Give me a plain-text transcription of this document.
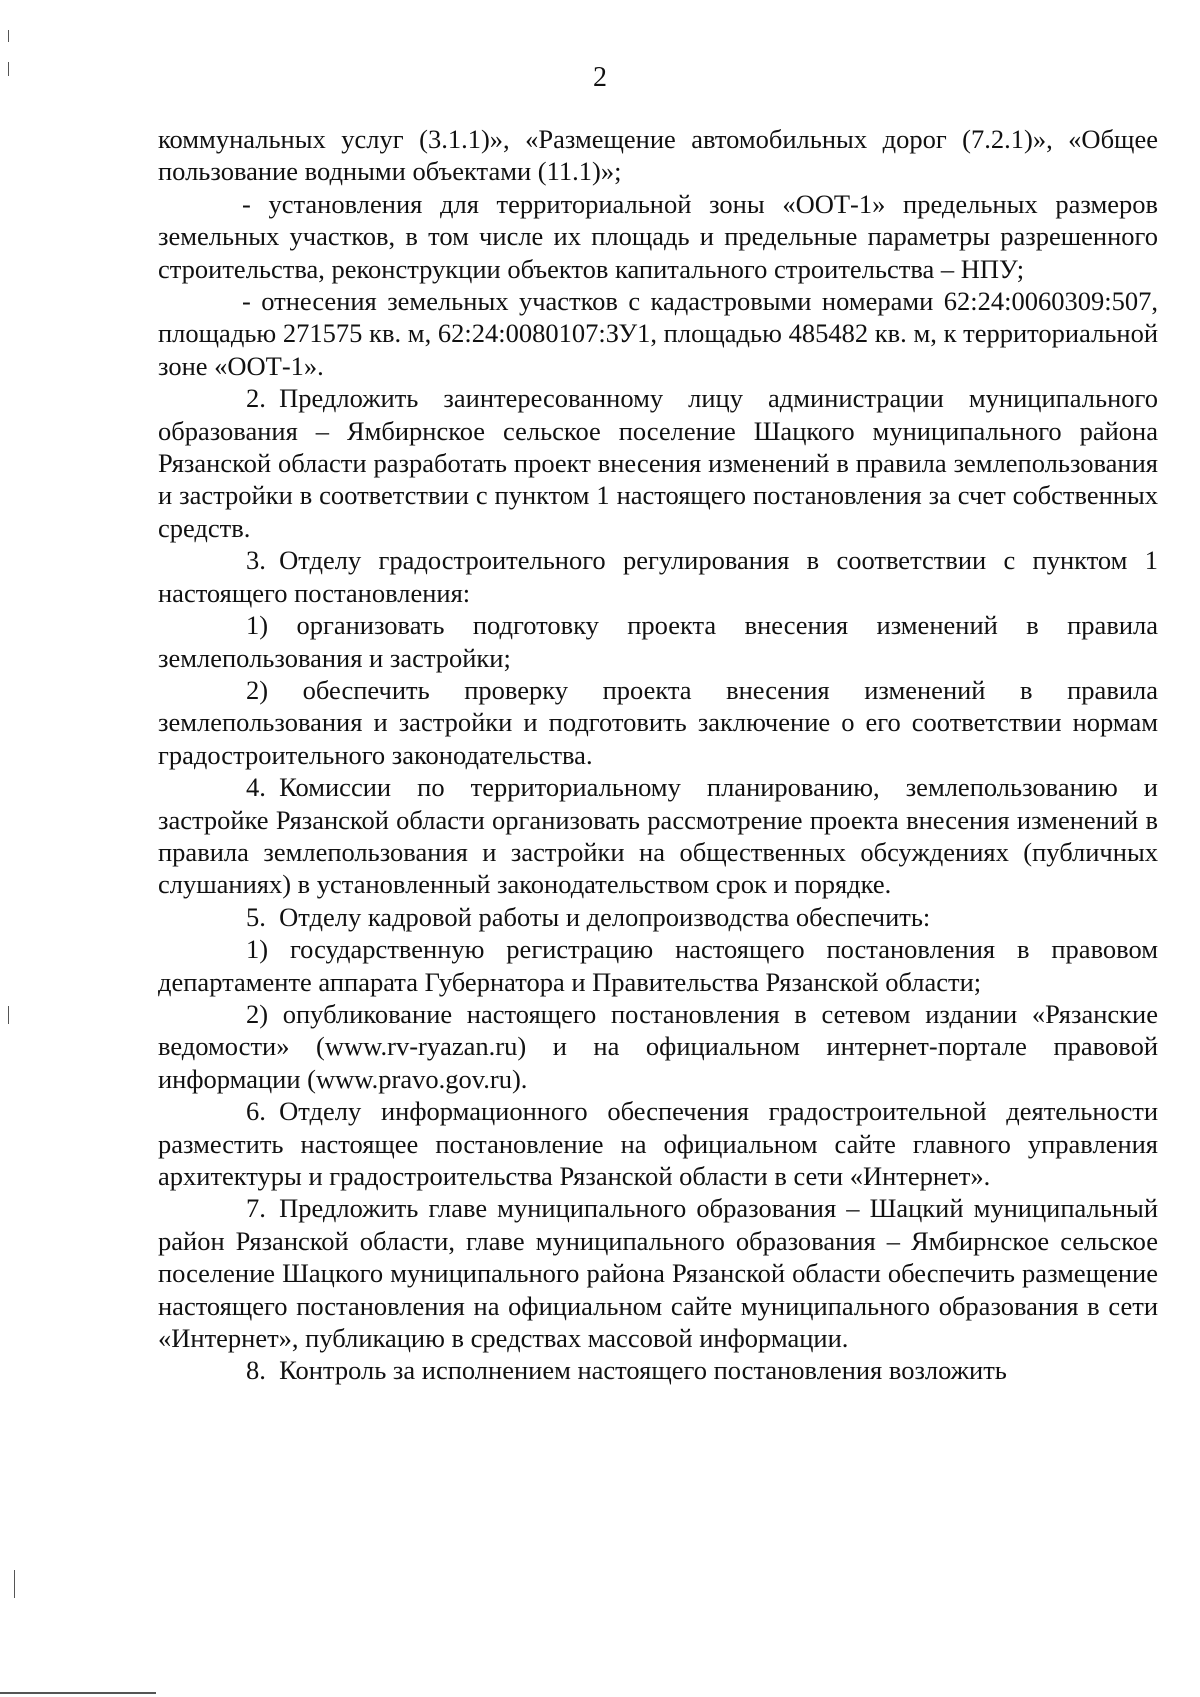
2

коммунальных услуг (3.1.1)», «Размещение автомобильных дорог (7.2.1)», «Общее пользование водными объектами (11.1)»;

- установления для территориальной зоны «ООТ-1» предельных размеров земельных участков, в том числе их площадь и предельные параметры разрешенного строительства, реконструкции объектов капитального строительства – НПУ;

- отнесения земельных участков с кадастровыми номерами 62:24:0060309:507, площадью 271575 кв. м, 62:24:0080107:ЗУ1, площадью 485482 кв. м, к территориальной зоне «ООТ-1».

2. Предложить заинтересованному лицу администрации муниципального образования – Ямбирнское сельское поселение Шацкого муниципального района Рязанской области разработать проект внесения изменений в правила землепользования и застройки в соответствии с пунктом 1 настоящего постановления за счет собственных средств.

3. Отделу градостроительного регулирования в соответствии с пунктом 1 настоящего постановления:

1) организовать подготовку проекта внесения изменений в правила землепользования и застройки;

2) обеспечить проверку проекта внесения изменений в правила землепользования и застройки и подготовить заключение о его соответствии нормам градостроительного законодательства.

4. Комиссии по территориальному планированию, землепользованию и застройке Рязанской области организовать рассмотрение проекта внесения изменений в правила землепользования и застройки на общественных обсуждениях (публичных слушаниях) в установленный законодательством срок и порядке.

5. Отделу кадровой работы и делопроизводства обеспечить:

1) государственную регистрацию настоящего постановления в правовом департаменте аппарата Губернатора и Правительства Рязанской области;

2) опубликование настоящего постановления в сетевом издании «Рязанские ведомости» (www.rv-ryazan.ru) и на официальном интернет-портале правовой информации (www.pravo.gov.ru).

6. Отделу информационного обеспечения градостроительной деятельности разместить настоящее постановление на официальном сайте главного управления архитектуры и градостроительства Рязанской области в сети «Интернет».

7. Предложить главе муниципального образования – Шацкий муниципальный район Рязанской области, главе муниципального образования – Ямбирнское сельское поселение Шацкого муниципального района Рязанской области обеспечить размещение настоящего постановления на официальном сайте муниципального образования в сети «Интернет», публикацию в средствах массовой информации.

8. Контроль за исполнением настоящего постановления возложить
